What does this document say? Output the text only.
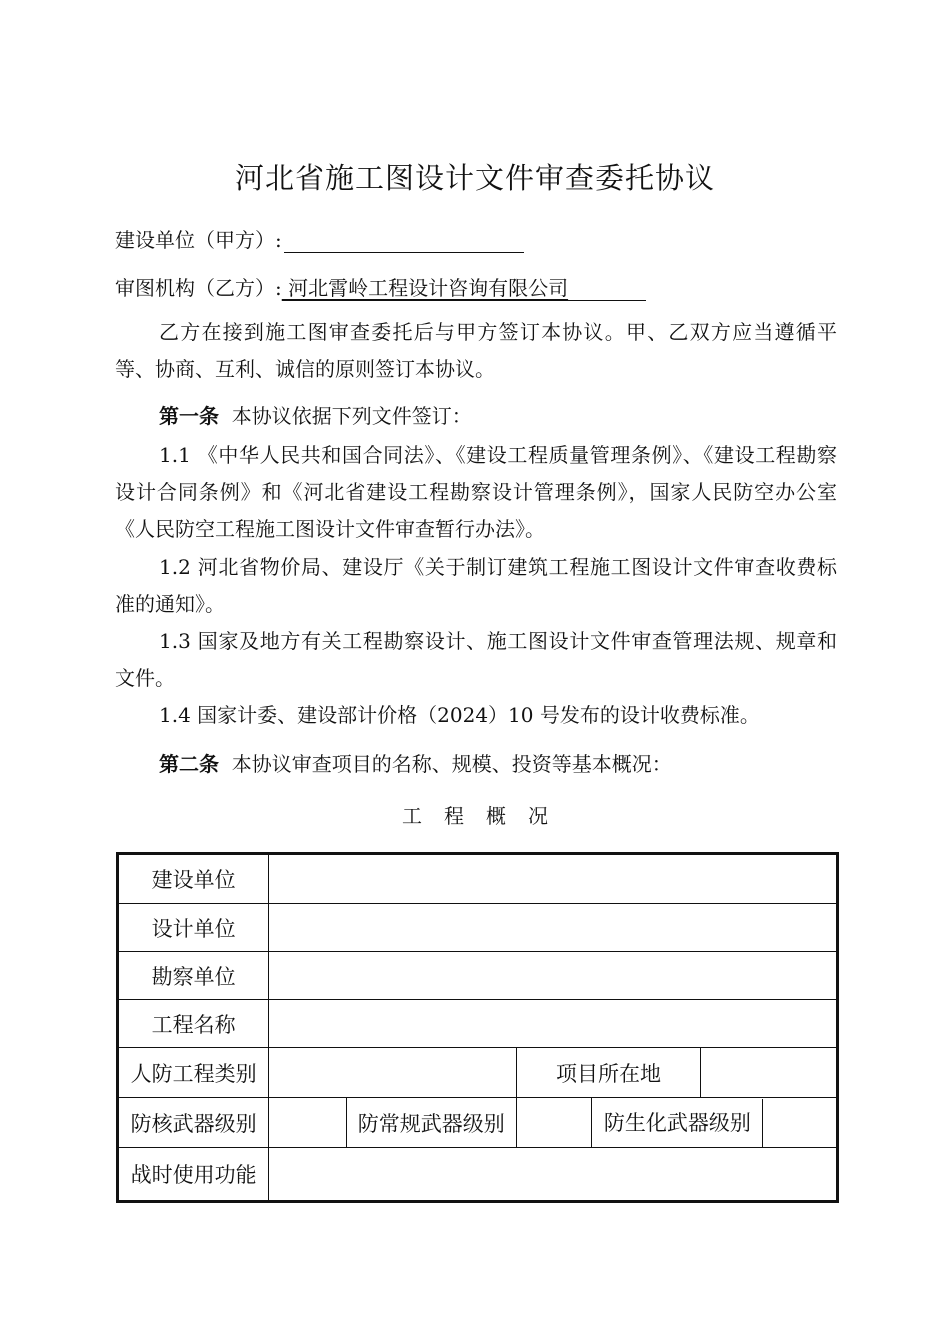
河北省施工图设计文件审查委托协议
建设单位（甲方）:
审图机构（乙方）: 河北霄岭工程设计咨询有限公司
乙方在接到施工图审查委托后与甲方签订本协议。甲、乙双方应当遵循平等、协商、互利、诚信的原则签订本协议。
第一条 本协议依据下列文件签订：
1.1 《中华人民共和国合同法》、《建设工程质量管理条例》、《建设工程勘察设计合同条例》和《河北省建设工程勘察设计管理条例》，国家人民防空办公室《人民防空工程施工图设计文件审查暂行办法》。
1.2 河北省物价局、建设厅《关于制订建筑工程施工图设计文件审查收费标准的通知》。
1.3 国家及地方有关工程勘察设计、施工图设计文件审查管理法规、规章和文件。
1.4 国家计委、建设部计价格（2024）10 号发布的设计收费标准。
第二条 本协议审查项目的名称、规模、投资等基本概况：
工程概况
建设单位					
设计单位					
勘察单位					
工程名称					
人防工程类别			项目所在地		
防核武器级别		防常规武器级别		防生化武器级别	
战时使用功能					
